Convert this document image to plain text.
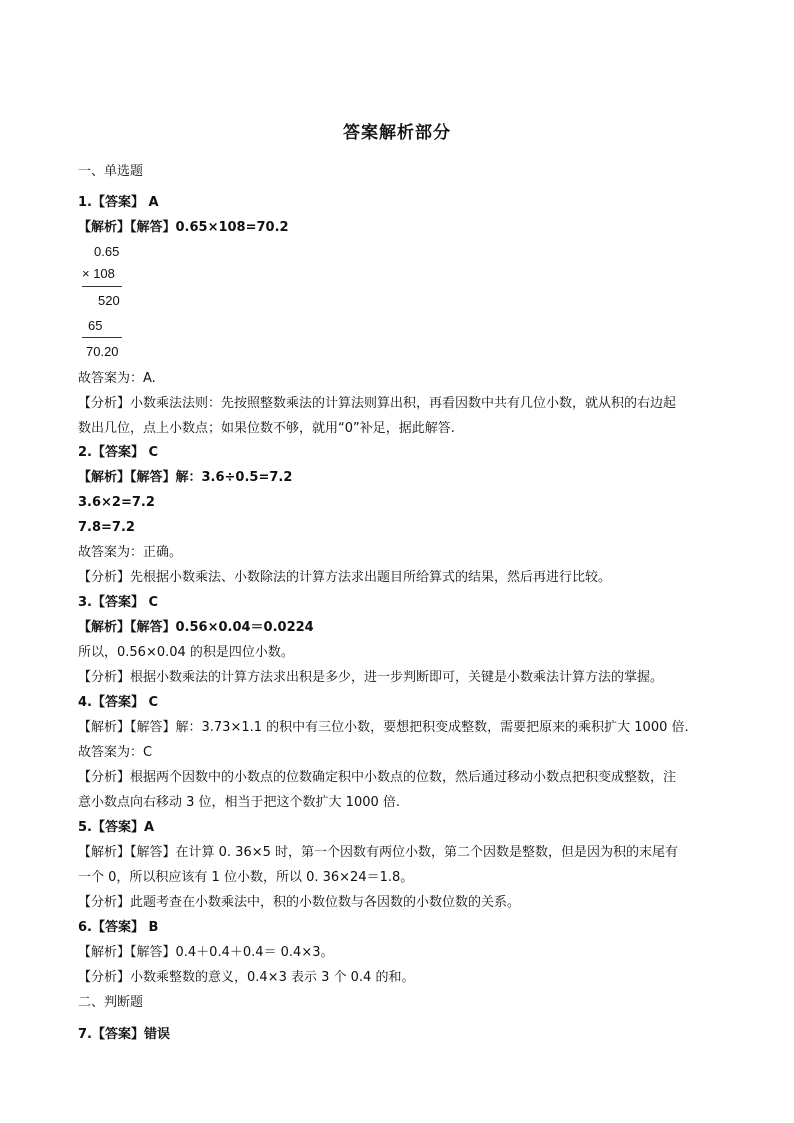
答案解析部分
一、单选题
1.【答案】 A
【解析】【解答】0.65×108=70.2
0.65
× 108
520
65
70.20
故答案为：A.
【分析】小数乘法法则：先按照整数乘法的计算法则算出积，再看因数中共有几位小数，就从积的右边起
数出几位，点上小数点；如果位数不够，就用“0”补足，据此解答.
2.【答案】 C
【解析】【解答】解：3.6÷0.5=7.2
3.6×2=7.2
7.8=7.2
故答案为：正确。
【分析】先根据小数乘法、小数除法的计算方法求出题目所给算式的结果，然后再进行比较。
3.【答案】 C
【解析】【解答】0.56×0.04＝0.0224
所以，0.56×0.04 的积是四位小数。
【分析】根据小数乘法的计算方法求出积是多少，进一步判断即可，关键是小数乘法计算方法的掌握。
4.【答案】 C
【解析】【解答】解：3.73×1.1 的积中有三位小数，要想把积变成整数，需要把原来的乘积扩大 1000 倍.
故答案为：C
【分析】根据两个因数中的小数点的位数确定积中小数点的位数，然后通过移动小数点把积变成整数，注
意小数点向右移动 3 位，相当于把这个数扩大 1000 倍.
5.【答案】A
【解析】【解答】在计算 0. 36×5 时，第一个因数有两位小数，第二个因数是整数，但是因为积的末尾有
一个 0，所以积应该有 1 位小数，所以 0. 36×24＝1.8。
【分析】此题考查在小数乘法中，积的小数位数与各因数的小数位数的关系。
6.【答案】 B
【解析】【解答】0.4＋0.4＋0.4＝ 0.4×3。
【分析】小数乘整数的意义，0.4×3 表示 3 个 0.4 的和。
二、判断题
7.【答案】错误
